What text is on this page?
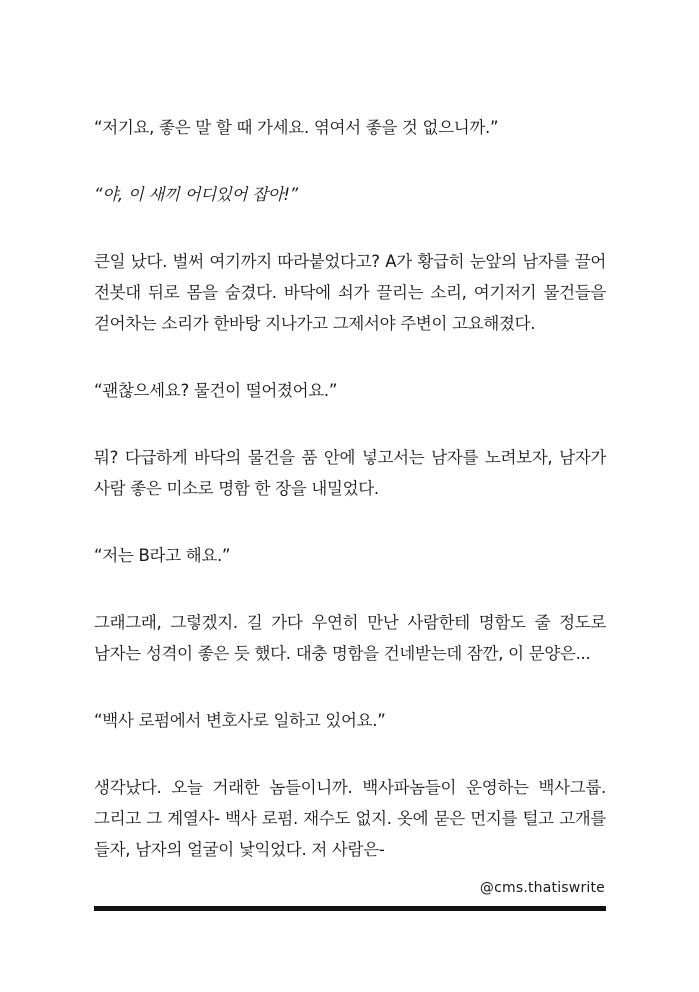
“저기요, 좋은 말 할 때 가세요. 엮여서 좋을 것 없으니까.”

“야, 이 새끼 어디있어 잡아!”

큰일 났다. 벌써 여기까지 따라붙었다고? A가 황급히 눈앞의 남자를 끌어 전봇대 뒤로 몸을 숨겼다. 바닥에 쇠가 끌리는 소리, 여기저기 물건들을 걷어차는 소리가 한바탕 지나가고 그제서야 주변이 고요해졌다.

“괜찮으세요? 물건이 떨어졌어요.”

뭐? 다급하게 바닥의 물건을 품 안에 넣고서는 남자를 노려보자, 남자가 사람 좋은 미소로 명함 한 장을 내밀었다.

“저는 B라고 해요.”

그래그래, 그렇겠지. 길 가다 우연히 만난 사람한테 명함도 줄 정도로 남자는 성격이 좋은 듯 했다. 대충 명함을 건네받는데 잠깐, 이 문양은...

“백사 로펌에서 변호사로 일하고 있어요.”

생각났다. 오늘 거래한 놈들이니까. 백사파놈들이 운영하는 백사그룹. 그리고 그 계열사- 백사 로펌. 재수도 없지. 옷에 묻은 먼지를 털고 고개를 들자, 남자의 얼굴이 낯익었다. 저 사람은-

@cms.thatiswrite
